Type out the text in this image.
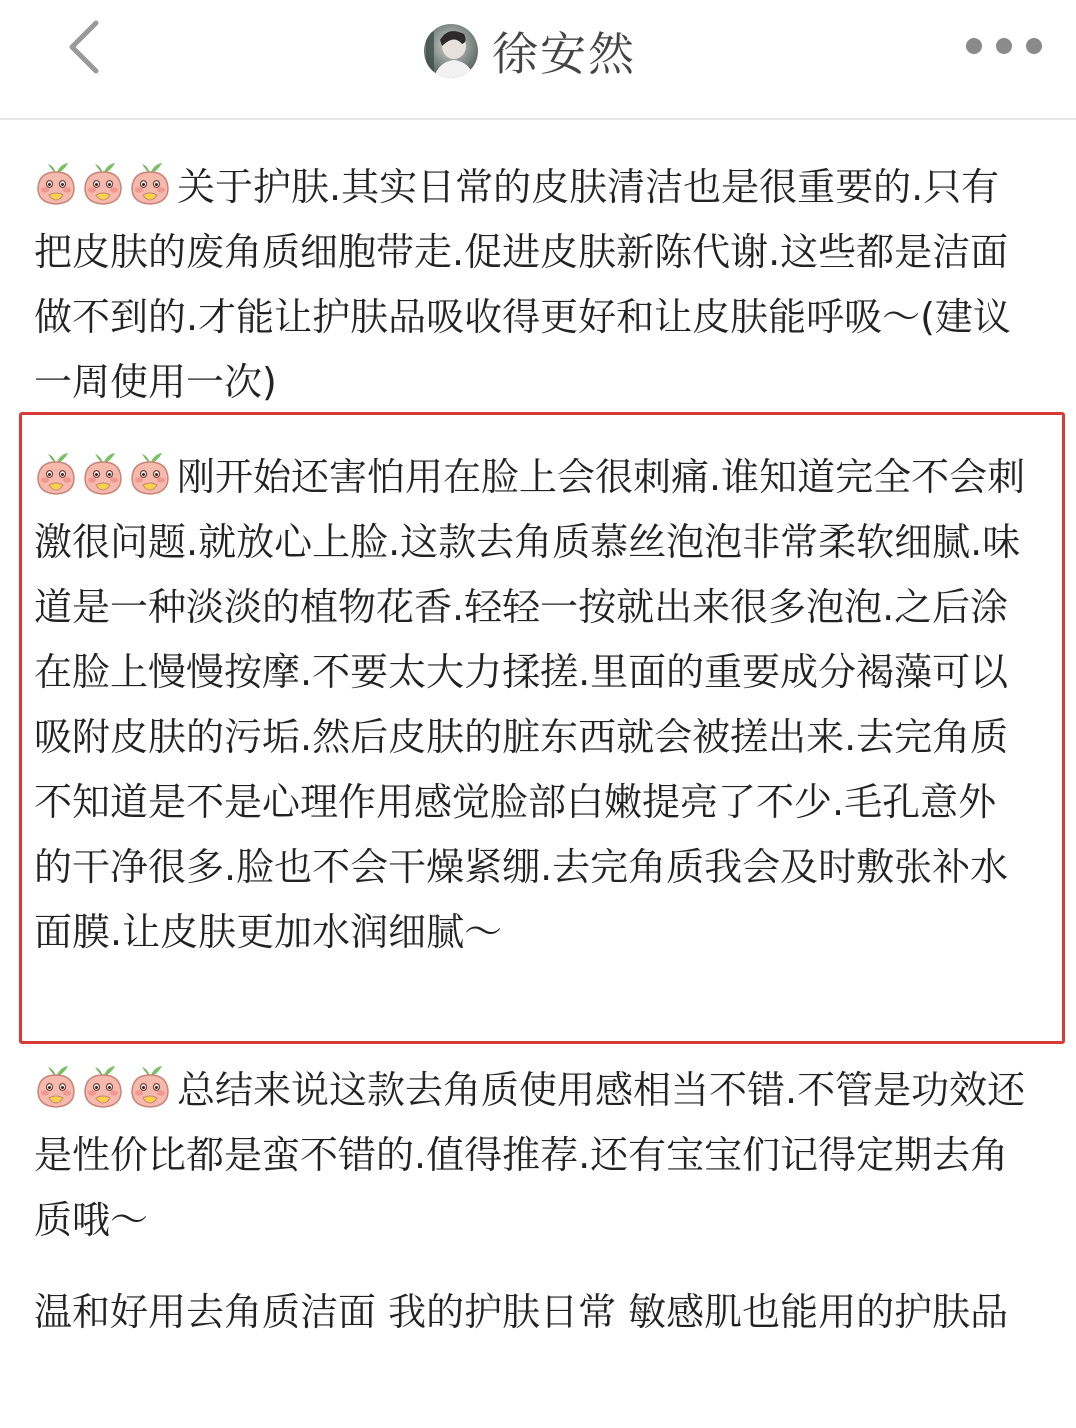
徐安然

关于护肤.其实日常的皮肤清洁也是很重要的.只有把皮肤的废角质细胞带走.促进皮肤新陈代谢.这些都是洁面做不到的.才能让护肤品吸收得更好和让皮肤能呼吸～(建议一周使用一次)

刚开始还害怕用在脸上会很刺痛.谁知道完全不会刺激很问题.就放心上脸.这款去角质慕丝泡泡非常柔软细腻.味道是一种淡淡的植物花香.轻轻一按就出来很多泡泡.之后涂在脸上慢慢按摩.不要太大力揉搓.里面的重要成分褐藻可以吸附皮肤的污垢.然后皮肤的脏东西就会被搓出来.去完角质不知道是不是心理作用感觉脸部白嫩提亮了不少.毛孔意外的干净很多.脸也不会干燥紧绷.去完角质我会及时敷张补水面膜.让皮肤更加水润细腻～

总结来说这款去角质使用感相当不错.不管是功效还是性价比都是蛮不错的.值得推荐.还有宝宝们记得定期去角质哦～

温和好用去角质洁面 我的护肤日常 敏感肌也能用的护肤品
